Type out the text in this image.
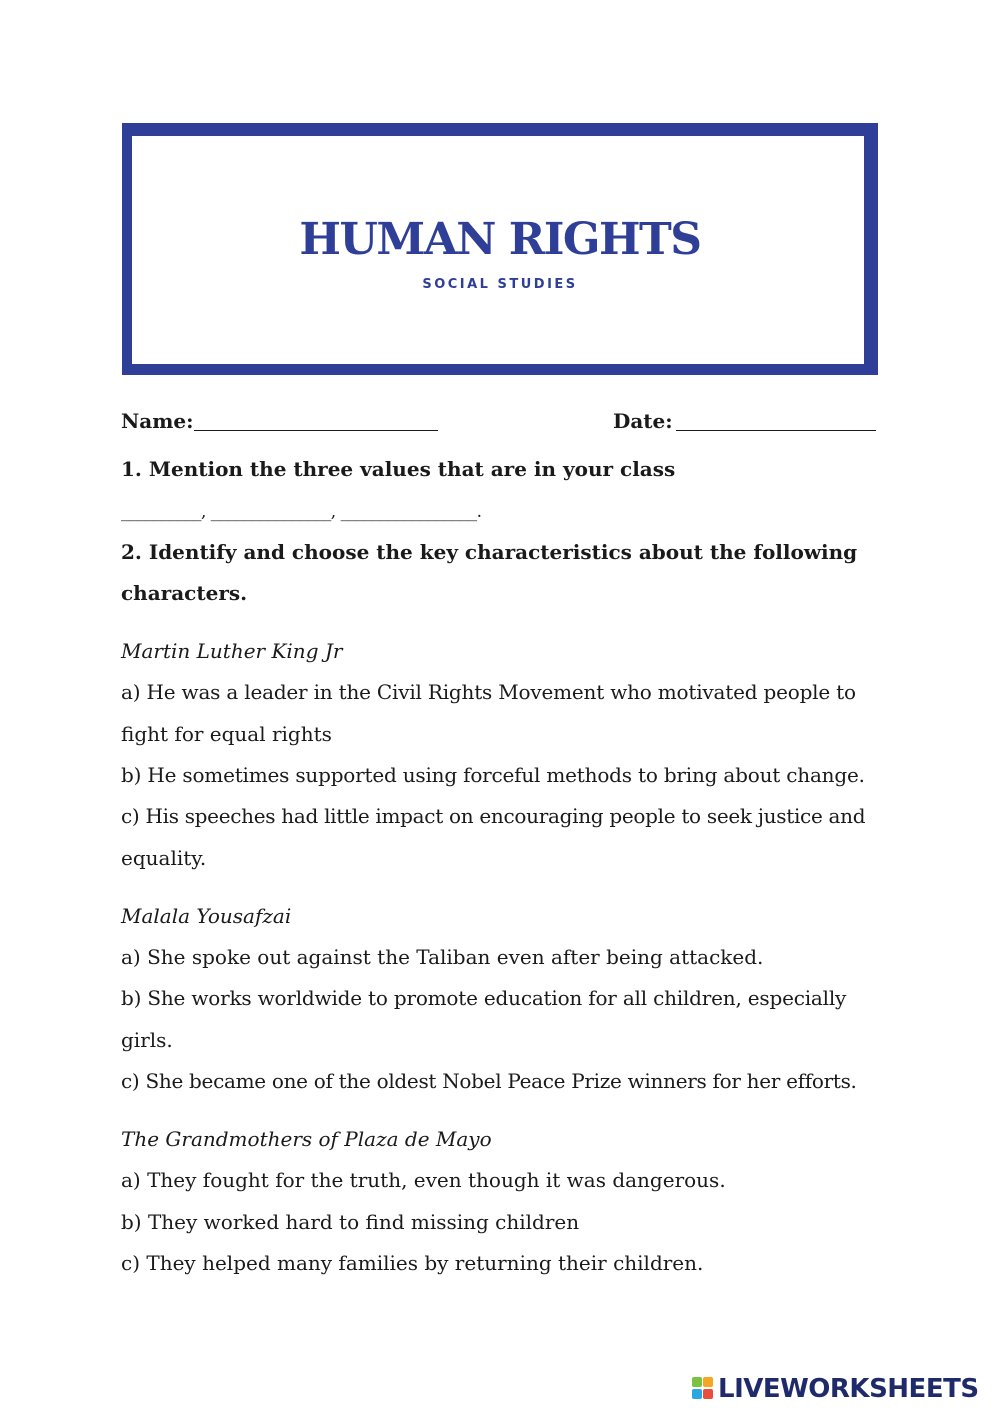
HUMAN RIGHTS
SOCIAL STUDIES
Name:	Date:
1. Mention the three values that are in your class
__________, _______________, _________________.
2. Identify and choose the key characteristics about the following
characters.
Martin Luther King Jr
a) He was a leader in the Civil Rights Movement who motivated people to
fight for equal rights
b) He sometimes supported using forceful methods to bring about change.
c) His speeches had little impact on encouraging people to seek justice and
equality.
Malala Yousafzai
a) She spoke out against the Taliban even after being attacked.
b) She works worldwide to promote education for all children, especially
girls.
c) She became one of the oldest Nobel Peace Prize winners for her efforts.
The Grandmothers of Plaza de Mayo
a) They fought for the truth, even though it was dangerous.
b) They worked hard to find missing children
c) They helped many families by returning their children.
LIVEWORKSHEETS
